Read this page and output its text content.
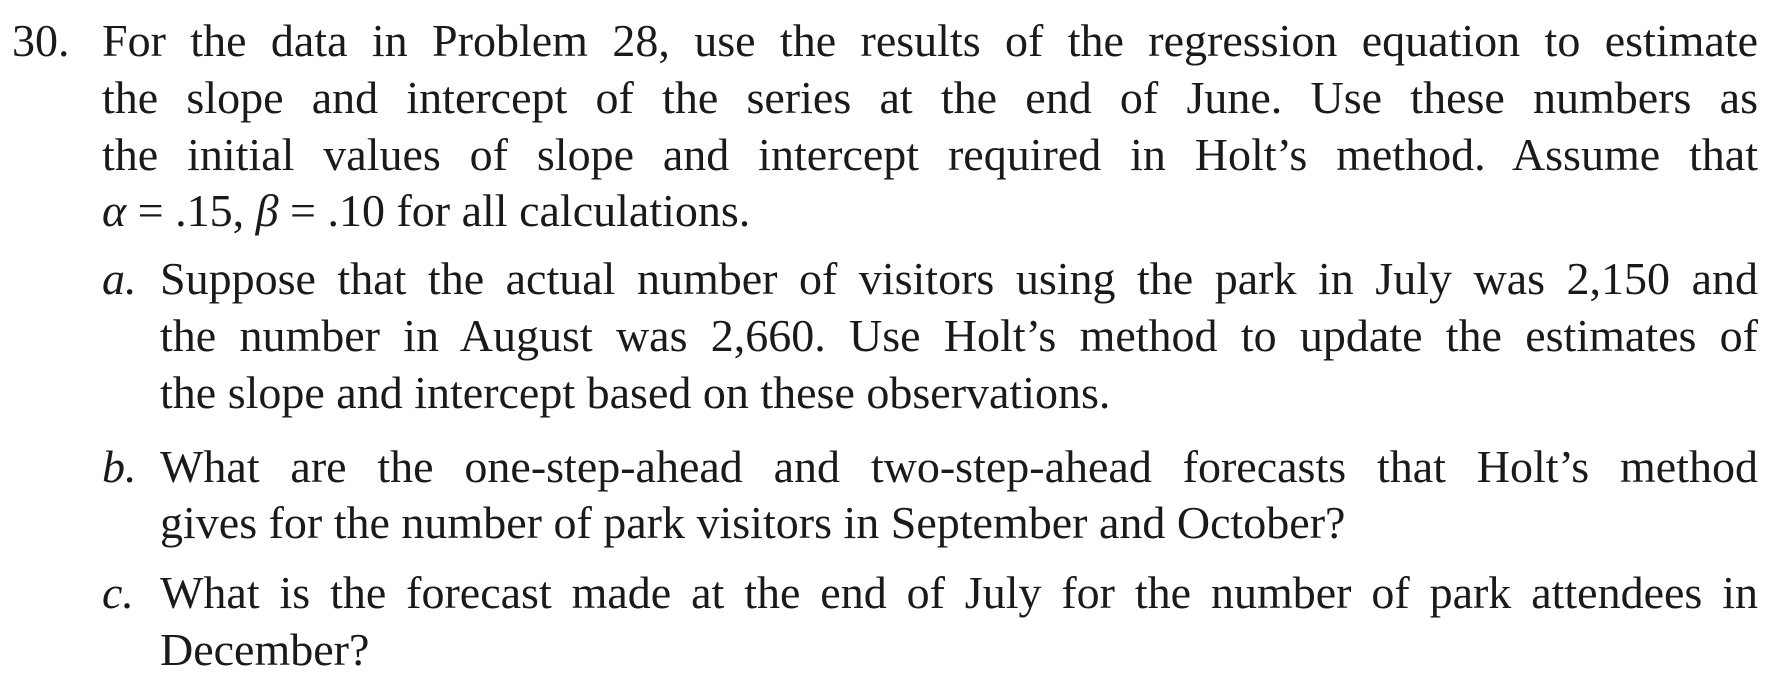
30. For the data in Problem 28, use the results of the regression equation to estimate
the slope and intercept of the series at the end of June. Use these numbers as
the initial values of slope and intercept required in Holt’s method. Assume that
α = .15, β = .10 for all calculations.
a. Suppose that the actual number of visitors using the park in July was 2,150 and
the number in August was 2,660. Use Holt’s method to update the estimates of
the slope and intercept based on these observations.
b. What are the one-step-ahead and two-step-ahead forecasts that Holt’s method
gives for the number of park visitors in September and October?
c. What is the forecast made at the end of July for the number of park attendees in
December?
